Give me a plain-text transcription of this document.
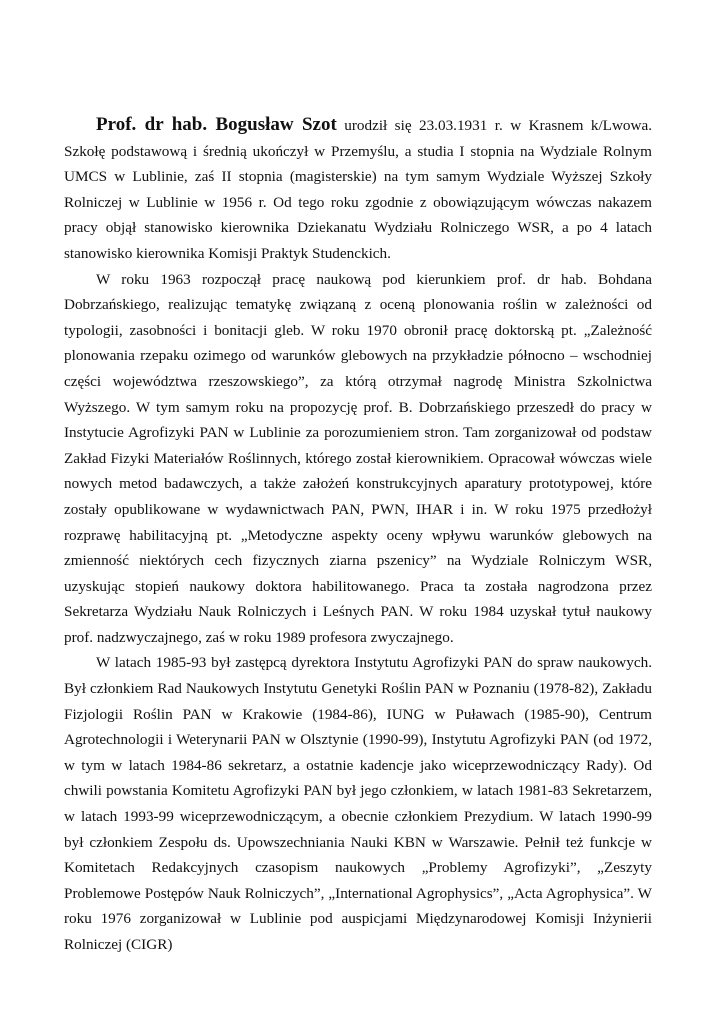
Prof. dr hab. Bogusław Szot urodził się 23.03.1931 r. w Krasnem k/Lwowa. Szkołę podstawową i średnią ukończył w Przemyślu, a studia I stopnia na Wydziale Rolnym UMCS w Lublinie, zaś II stopnia (magisterskie) na tym samym Wydziale Wyższej Szkoły Rolniczej w Lublinie w 1956 r. Od tego roku zgodnie z obowiązującym wówczas nakazem pracy objął stanowisko kierownika Dziekanatu Wydziału Rolniczego WSR, a po 4 latach stanowisko kierownika Komisji Praktyk Studenckich.

W roku 1963 rozpoczął pracę naukową pod kierunkiem prof. dr hab. Bohdana Dobrzańskiego, realizując tematykę związaną z oceną plonowania roślin w zależności od typologii, zasobności i bonitacji gleb. W roku 1970 obronił pracę doktorską pt. „Zależność plonowania rzepaku ozimego od warunków glebowych na przykładzie północno – wschodniej części województwa rzeszowskiego”, za którą otrzymał nagrodę Ministra Szkolnictwa Wyższego. W tym samym roku na propozycję prof. B. Dobrzańskiego przeszedł do pracy w Instytucie Agrofizyki PAN w Lublinie za porozumieniem stron. Tam zorganizował od podstaw Zakład Fizyki Materiałów Roślinnych, którego został kierownikiem. Opracował wówczas wiele nowych metod badawczych, a także założeń konstrukcyjnych aparatury prototypowej, które zostały opublikowane w wydawnictwach PAN, PWN, IHAR i in. W roku 1975 przedłożył rozprawę habilitacyjną pt. „Metodyczne aspekty oceny wpływu warunków glebowych na zmienność niektórych cech fizycznych ziarna pszenicy” na Wydziale Rolniczym WSR, uzyskując stopień naukowy doktora habilitowanego. Praca ta została nagrodzona przez Sekretarza Wydziału Nauk Rolniczych i Leśnych PAN. W roku 1984 uzyskał tytuł naukowy prof. nadzwyczajnego, zaś w roku 1989 profesora zwyczajnego.

W latach 1985-93 był zastępcą dyrektora Instytutu Agrofizyki PAN do spraw naukowych. Był członkiem Rad Naukowych Instytutu Genetyki Roślin PAN w Poznaniu (1978-82), Zakładu Fizjologii Roślin PAN w Krakowie (1984-86), IUNG w Puławach (1985-90), Centrum Agrotechnologii i Weterynarii PAN w Olsztynie (1990-99), Instytutu Agrofizyki PAN (od 1972, w tym w latach 1984-86 sekretarz, a ostatnie kadencje jako wiceprzewodniczący Rady). Od chwili powstania Komitetu Agrofizyki PAN był jego członkiem, w latach 1981-83 Sekretarzem, w latach 1993-99 wiceprzewodniczącym, a obecnie członkiem Prezydium. W latach 1990-99 był członkiem Zespołu ds. Upowszechniania Nauki KBN w Warszawie. Pełnił też funkcje w Komitetach Redakcyjnych czasopism naukowych „Problemy Agrofizyki”, „Zeszyty Problemowe Postępów Nauk Rolniczych”, „International Agrophysics”, „Acta Agrophysica”. W roku 1976 zorganizował w Lublinie pod auspicjami Międzynarodowej Komisji Inżynierii Rolniczej (CIGR)
